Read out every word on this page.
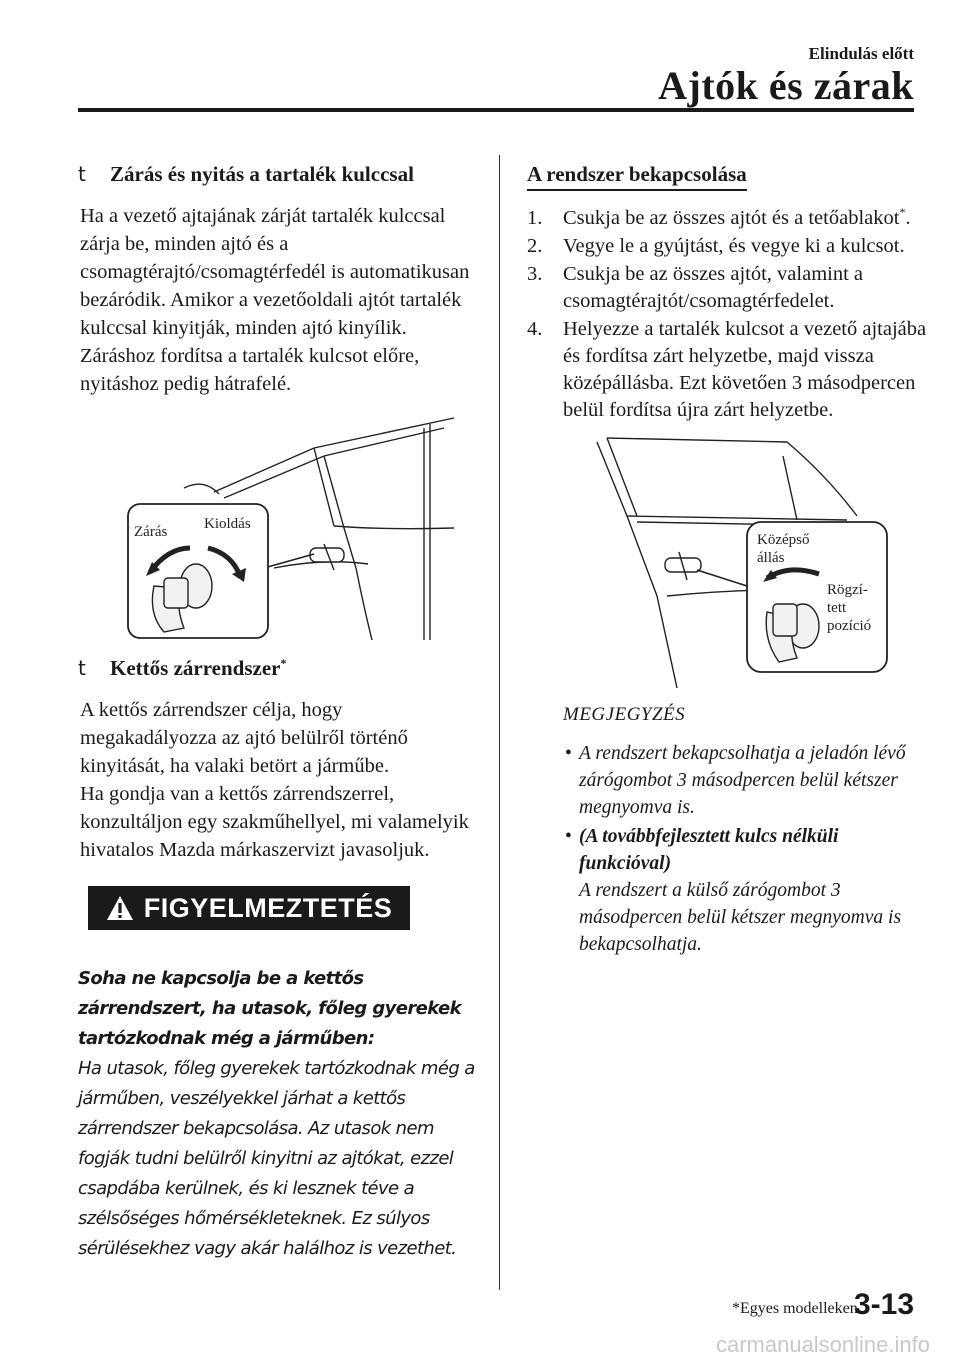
Elindulás előtt
Ajtók és zárak
t Zárás és nyitás a tartalék kulccsal

Ha a vezető ajtajának zárját tartalék kulccsal zárja be, minden ajtó és a csomagtérajtó/csomagtérfedél is automatikusan bezáródik. Amikor a vezetőoldali ajtót tartalék kulccsal kinyitják, minden ajtó kinyílik.

Záráshoz fordítsa a tartalék kulcsot előre, nyitáshoz pedig hátrafelé.

Zárás Kioldás
t Kettős zárrendszer*

A kettős zárrendszer célja, hogy megakadályozza az ajtó belülről történő kinyitását, ha valaki betört a járműbe.

Ha gondja van a kettős zárrendszerrel, konzultáljon egy szakműhellyel, mi valamelyik hivatalos Mazda márkaszervizt javasoljuk.

FIGYELMEZTETÉS
Soha ne kapcsolja be a kettős zárrendszert, ha utasok, főleg gyerekek tartózkodnak még a járműben:
Ha utasok, főleg gyerekek tartózkodnak még a járműben, veszélyekkel járhat a kettős zárrendszer bekapcsolása. Az utasok nem fogják tudni belülről kinyitni az ajtókat, ezzel csapdába kerülnek, és ki lesznek téve a szélsőséges hőmérsékleteknek. Ez súlyos sérülésekhez vagy akár halálhoz is vezethet.
A rendszer bekapcsolása
1.	Csukja be az összes ajtót és a tetőablakot*.
2.	Vegye le a gyújtást, és vegye ki a kulcsot.
3.	Csukja be az összes ajtót, valamint a csomagtérajtót/csomagtérfedelet.
4.	Helyezze a tartalék kulcsot a vezető ajtajába és fordítsa zárt helyzetbe, majd vissza középállásba. Ezt követően 3 másodpercen belül fordítsa újra zárt helyzetbe.
Középső
állás
Rögzí-
tett
pozíció
MEGJEGYZÉS
• A rendszert bekapcsolhatja a jeladón lévő zárógombot 3 másodpercen belül kétszer megnyomva is.
• (A továbbfejlesztett kulcs nélküli funkcióval)
A rendszert a külső zárógombot 3 másodpercen belül kétszer megnyomva is bekapcsolhatja.
*Egyes modelleken.
3-13
carmanualsonline.info
